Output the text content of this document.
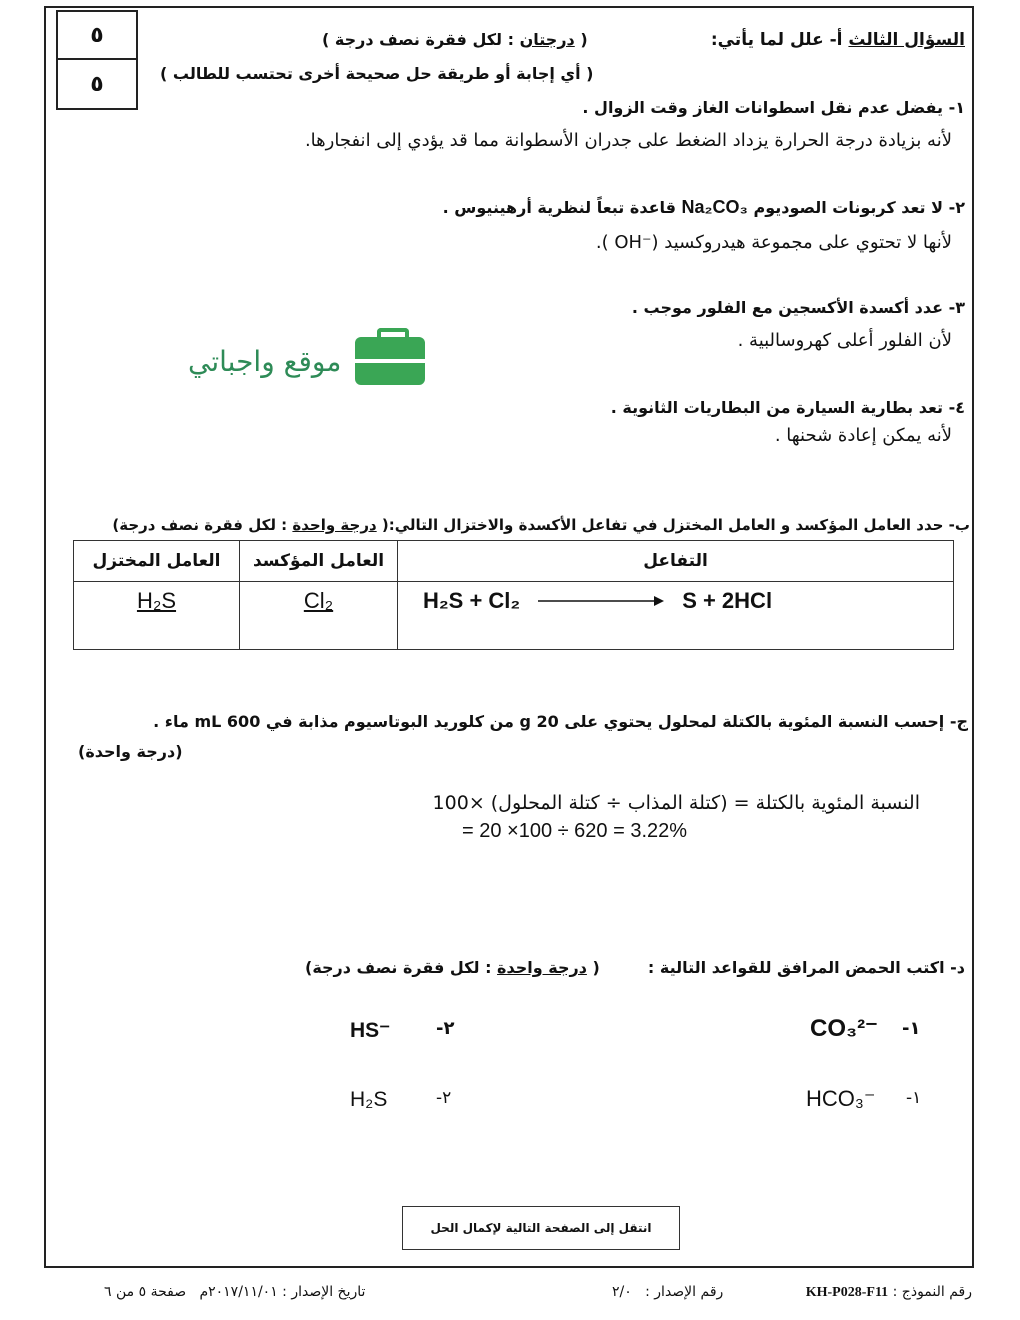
٥
٥
السؤال الثالث أ- علل لما يأتي:
( درجتان : لكل فقرة نصف درجة )
( أي إجابة أو طريقة حل صحيحة أخرى تحتسب للطالب )
١- يفضل عدم نقل اسطوانات الغاز وقت الزوال .
لأنه بزيادة درجة الحرارة يزداد الضغط على جدران الأسطوانة مما قد يؤدي إلى انفجارها.
٢- لا تعد كربونات الصوديوم Na₂CO₃ قاعدة تبعاً لنظرية أرهينيوس .
لأنها لا تحتوي على مجموعة هيدروكسيد (⁻OH ).
٣- عدد أكسدة الأكسجين مع الفلور موجب .
لأن الفلور أعلى كهروسالبية .
موقع واجباتي
٤- تعد بطارية السيارة من البطاريات الثانوية .
لأنه يمكن إعادة شحنها .
ب- حدد العامل المؤكسد و العامل المختزل في تفاعل الأكسدة والاختزال التالي:( درجة واحدة : لكل فقرة نصف درجة)
العامل المختزل	العامل المؤكسد	التفاعل
H₂S	Cl₂	H₂S + Cl₂ S + 2HCl
ج- إحسب النسبة المئوية بالكتلة لمحلول يحتوي على 20 g من كلوريد البوتاسيوم مذابة في 600 mL ماء .
(درجة واحدة)
النسبة المئوية بالكتلة = (كتلة المذاب ÷ كتلة المحلول) ×100
= 20 ×100 ÷ 620 = 3.22%
د- اكتب الحمض المرافق للقواعد التالية :
( درجة واحدة : لكل فقرة نصف درجة)
CO₃²⁻ -١
HS⁻	-٢
HCO₃⁻ -١
H₂S	-٢
انتقل إلى الصفحة التالية لإكمال الحل
رقم النموذج : KH-P028-F11
رقم الإصدار :   ٢/٠
تاريخ الإصدار : ٢٠١٧/١١/٠١م   صفحة ٥ من ٦
